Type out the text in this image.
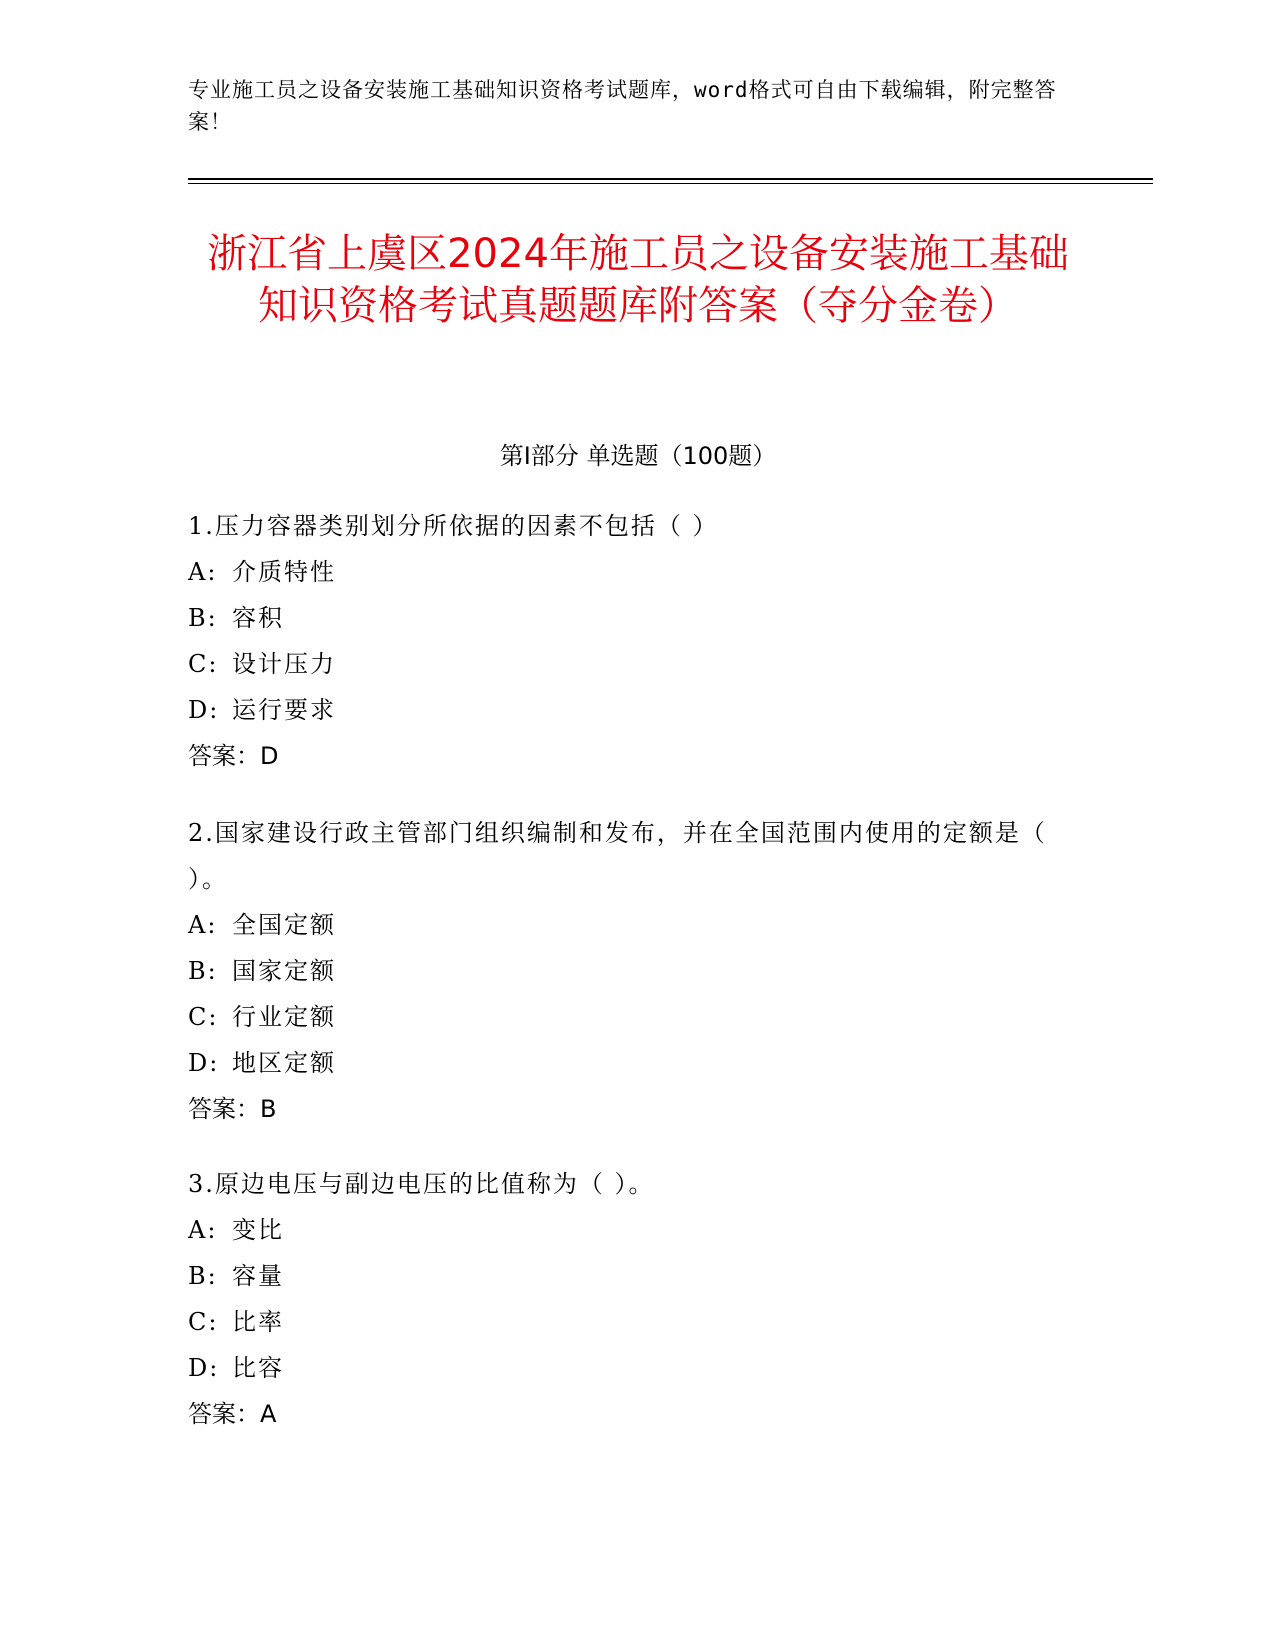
专业施工员之设备安装施工基础知识资格考试题库，word格式可自由下载编辑，附完整答案！
浙江省上虞区2024年施工员之设备安装施工基础知识资格考试真题题库附答案（夺分金卷）
第I部分 单选题（100题）
1.压力容器类别划分所依据的因素不包括（ ）
A: 介质特性
B: 容积
C: 设计压力
D: 运行要求
答案：D
2.国家建设行政主管部门组织编制和发布，并在全国范围内使用的定额是（ ）。
A: 全国定额
B: 国家定额
C: 行业定额
D: 地区定额
答案：B
3.原边电压与副边电压的比值称为（ ）。
A: 变比
B: 容量
C: 比率
D: 比容
答案：A
